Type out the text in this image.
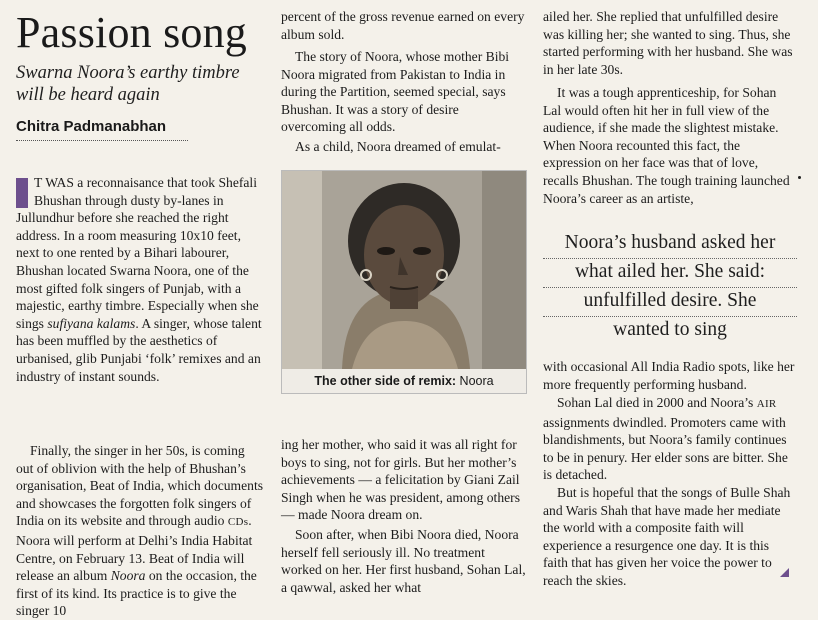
Passion song

Swarna Noora’s earthy timbre will be heard again

Chitra Padmanabhan

T WAS a reconnaisance that took Shefali Bhushan through dusty by-lanes in Jullundhur before she reached the right address. In a room measuring 10x10 feet, next to one rented by a Bihari labourer, Bhushan located Swarna Noora, one of the most gifted folk singers of Punjab, with a majestic, earthy timbre. Especially when she sings sufiyana kalams. A singer, whose talent has been muffled by the aesthetics of urbanised, glib Punjabi ‘folk’ remixes and an industry of instant sounds.

Finally, the singer in her 50s, is coming out of oblivion with the help of Bhushan’s organisation, Beat of India, which documents and showcases the forgotten folk singers of India on its website and through audio CDs. Noora will perform at Delhi’s India Habitat Centre, on February 13. Beat of India will release an album Noora on the occasion, the first of its kind. Its practice is to give the singer 10

percent of the gross revenue earned on every album sold.

The story of Noora, whose mother Bibi Noora migrated from Pakistan to India in during the Partition, seemed special, says Bhushan. It was a story of desire overcoming all odds.

As a child, Noora dreamed of emulat-

The other side of remix: Noora

ing her mother, who said it was all right for boys to sing, not for girls. But her mother’s achievements — a felicitation by Giani Zail Singh when he was president, among others — made Noora dream on.

Soon after, when Bibi Noora died, Noora herself fell seriously ill. No treatment worked on her. Her first husband, Sohan Lal, a qawwal, asked her what

ailed her. She replied that unfulfilled desire was killing her; she wanted to sing. Thus, she started performing with her husband. She was in her late 30s.

It was a tough apprenticeship, for Sohan Lal would often hit her in full view of the audience, if she made the slightest mistake. When Noora recounted this fact, the expression on her face was that of love, recalls Bhushan. The tough training launched Noora’s career as an artiste,

Noora’s husband asked her
what ailed her. She said:
unfulfilled desire. She
wanted to sing

with occasional All India Radio spots, like her more frequently performing husband.

Sohan Lal died in 2000 and Noora’s AIR assignments dwindled. Promoters came with blandishments, but Noora’s family continues to be in penury. Her elder sons are bitter. She is detached.

But is hopeful that the songs of Bulle Shah and Waris Shah that have made her mediate the world with a composite faith will experience a resurgence one day. It is this faith that has given her voice the power to reach the skies.
